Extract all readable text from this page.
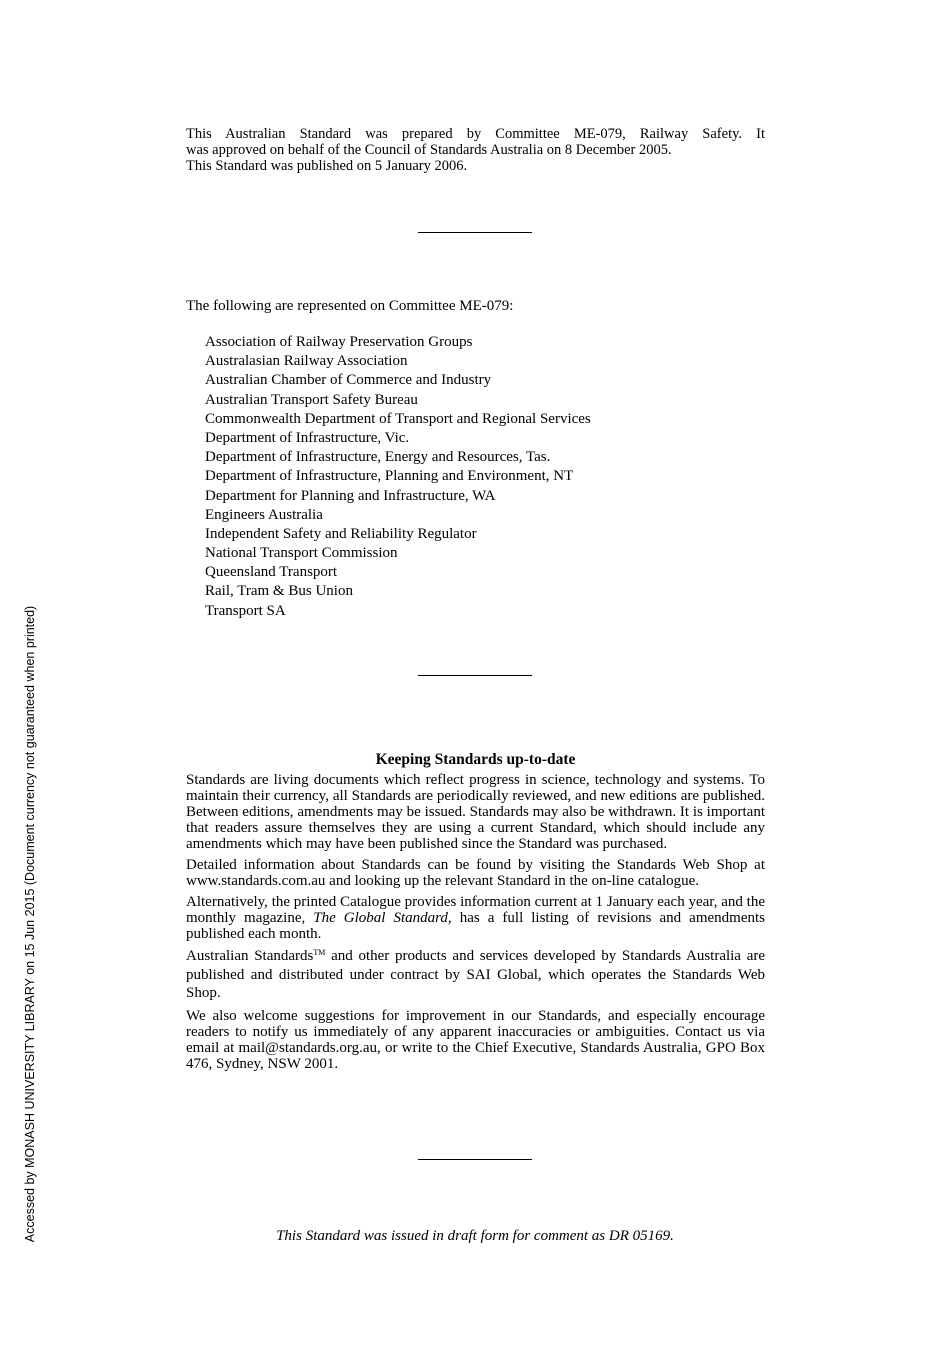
This Australian Standard was prepared by Committee ME-079, Railway Safety. It
was approved on behalf of the Council of Standards Australia on 8 December 2005.
This Standard was published on 5 January 2006.
The following are represented on Committee ME-079:
Association of Railway Preservation Groups
Australasian Railway Association
Australian Chamber of Commerce and Industry
Australian Transport Safety Bureau
Commonwealth Department of Transport and Regional Services
Department of Infrastructure, Vic.
Department of Infrastructure, Energy and Resources, Tas.
Department of Infrastructure, Planning and Environment, NT
Department for Planning and Infrastructure, WA
Engineers Australia
Independent Safety and Reliability Regulator
National Transport Commission
Queensland Transport
Rail, Tram & Bus Union
Transport SA
Keeping Standards up-to-date

Standards are living documents which reflect progress in science, technology and systems. To maintain their currency, all Standards are periodically reviewed, and new editions are published. Between editions, amendments may be issued. Standards may also be withdrawn. It is important that readers assure themselves they are using a current Standard, which should include any amendments which may have been published since the Standard was purchased.

Detailed information about Standards can be found by visiting the Standards Web Shop at www.standards.com.au and looking up the relevant Standard in the on-line catalogue.

Alternatively, the printed Catalogue provides information current at 1 January each year, and the monthly magazine, The Global Standard, has a full listing of revisions and amendments published each month.

Australian Standards™ and other products and services developed by Standards Australia are published and distributed under contract by SAI Global, which operates the Standards Web Shop.

We also welcome suggestions for improvement in our Standards, and especially encourage readers to notify us immediately of any apparent inaccuracies or ambiguities. Contact us via email at mail@standards.org.au, or write to the Chief Executive, Standards Australia, GPO Box 476, Sydney, NSW 2001.

This Standard was issued in draft form for comment as DR 05169.
Accessed by MONASH UNIVERSITY LIBRARY on 15 Jun 2015 (Document currency not guaranteed when printed)
